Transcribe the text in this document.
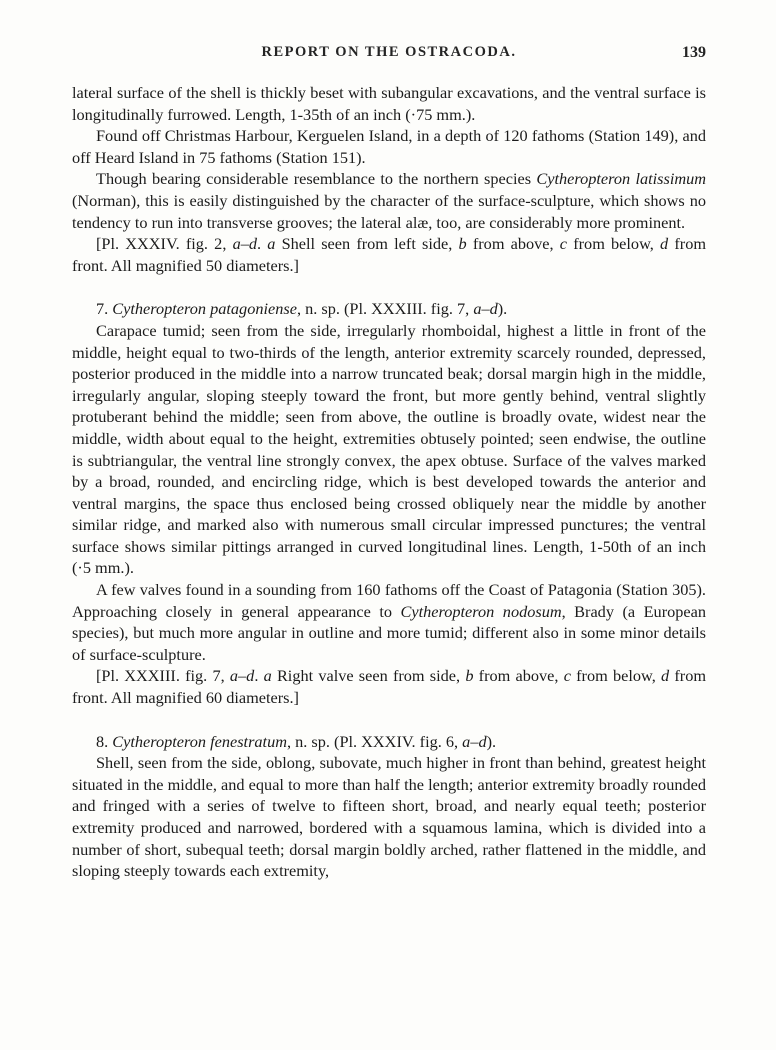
REPORT ON THE OSTRACODA.	139

lateral surface of the shell is thickly beset with subangular excavations, and the ventral surface is longitudinally furrowed. Length, 1-35th of an inch (·75 mm.).

Found off Christmas Harbour, Kerguelen Island, in a depth of 120 fathoms (Station 149), and off Heard Island in 75 fathoms (Station 151).

Though bearing considerable resemblance to the northern species Cytheropteron latissimum (Norman), this is easily distinguished by the character of the surface-sculpture, which shows no tendency to run into transverse grooves; the lateral alæ, too, are considerably more prominent.

[Pl. XXXIV. fig. 2, a–d. a Shell seen from left side, b from above, c from below, d from front. All magnified 50 diameters.]

7. Cytheropteron patagoniense, n. sp. (Pl. XXXIII. fig. 7, a–d).

Carapace tumid; seen from the side, irregularly rhomboidal, highest a little in front of the middle, height equal to two-thirds of the length, anterior extremity scarcely rounded, depressed, posterior produced in the middle into a narrow truncated beak; dorsal margin high in the middle, irregularly angular, sloping steeply toward the front, but more gently behind, ventral slightly protuberant behind the middle; seen from above, the outline is broadly ovate, widest near the middle, width about equal to the height, extremities obtusely pointed; seen endwise, the outline is subtriangular, the ventral line strongly convex, the apex obtuse. Surface of the valves marked by a broad, rounded, and encircling ridge, which is best developed towards the anterior and ventral margins, the space thus enclosed being crossed obliquely near the middle by another similar ridge, and marked also with numerous small circular impressed punctures; the ventral surface shows similar pittings arranged in curved longitudinal lines. Length, 1-50th of an inch (·5 mm.).

A few valves found in a sounding from 160 fathoms off the Coast of Patagonia (Station 305). Approaching closely in general appearance to Cytheropteron nodosum, Brady (a European species), but much more angular in outline and more tumid; different also in some minor details of surface-sculpture.

[Pl. XXXIII. fig. 7, a–d. a Right valve seen from side, b from above, c from below, d from front. All magnified 60 diameters.]

8. Cytheropteron fenestratum, n. sp. (Pl. XXXIV. fig. 6, a–d).

Shell, seen from the side, oblong, subovate, much higher in front than behind, greatest height situated in the middle, and equal to more than half the length; anterior extremity broadly rounded and fringed with a series of twelve to fifteen short, broad, and nearly equal teeth; posterior extremity produced and narrowed, bordered with a squamous lamina, which is divided into a number of short, subequal teeth; dorsal margin boldly arched, rather flattened in the middle, and sloping steeply towards each extremity,
